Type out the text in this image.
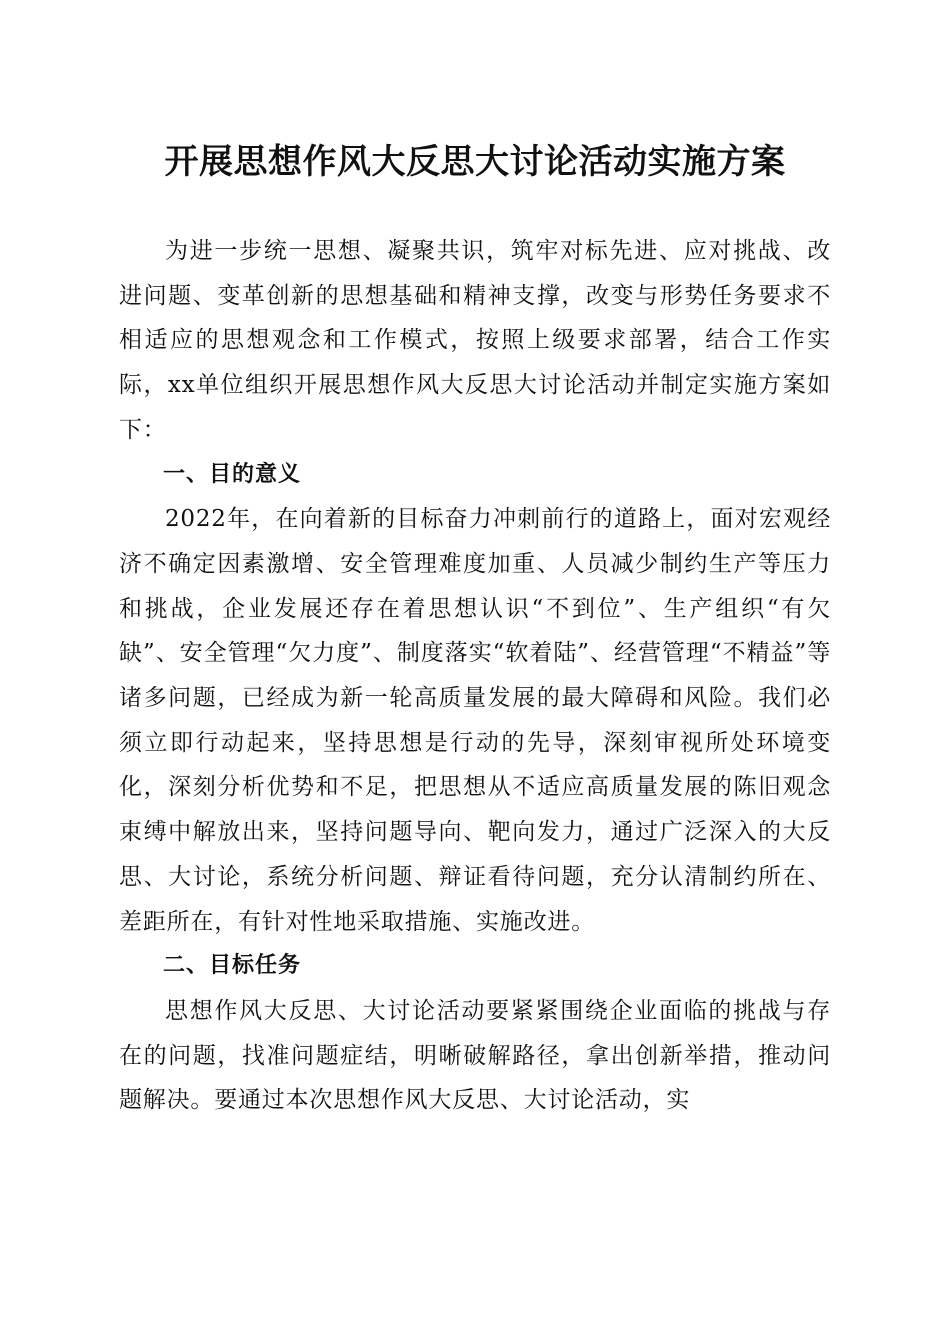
开展思想作风大反思大讨论活动实施方案

为进一步统一思想、凝聚共识，筑牢对标先进、应对挑战、改进问题、变革创新的思想基础和精神支撑，改变与形势任务要求不相适应的思想观念和工作模式，按照上级要求部署，结合工作实际，xx单位组织开展思想作风大反思大讨论活动并制定实施方案如下：

一、目的意义

2022年，在向着新的目标奋力冲刺前行的道路上，面对宏观经济不确定因素激增、安全管理难度加重、人员减少制约生产等压力和挑战，企业发展还存在着思想认识“不到位”、生产组织“有欠缺”、安全管理“欠力度”、制度落实“软着陆”、经营管理“不精益”等诸多问题，已经成为新一轮高质量发展的最大障碍和风险。我们必须立即行动起来，坚持思想是行动的先导，深刻审视所处环境变化，深刻分析优势和不足，把思想从不适应高质量发展的陈旧观念束缚中解放出来，坚持问题导向、靶向发力，通过广泛深入的大反思、大讨论，系统分析问题、辩证看待问题，充分认清制约所在、差距所在，有针对性地采取措施、实施改进。

二、目标任务

思想作风大反思、大讨论活动要紧紧围绕企业面临的挑战与存在的问题，找准问题症结，明晰破解路径，拿出创新举措，推动问题解决。要通过本次思想作风大反思、大讨论活动，实
